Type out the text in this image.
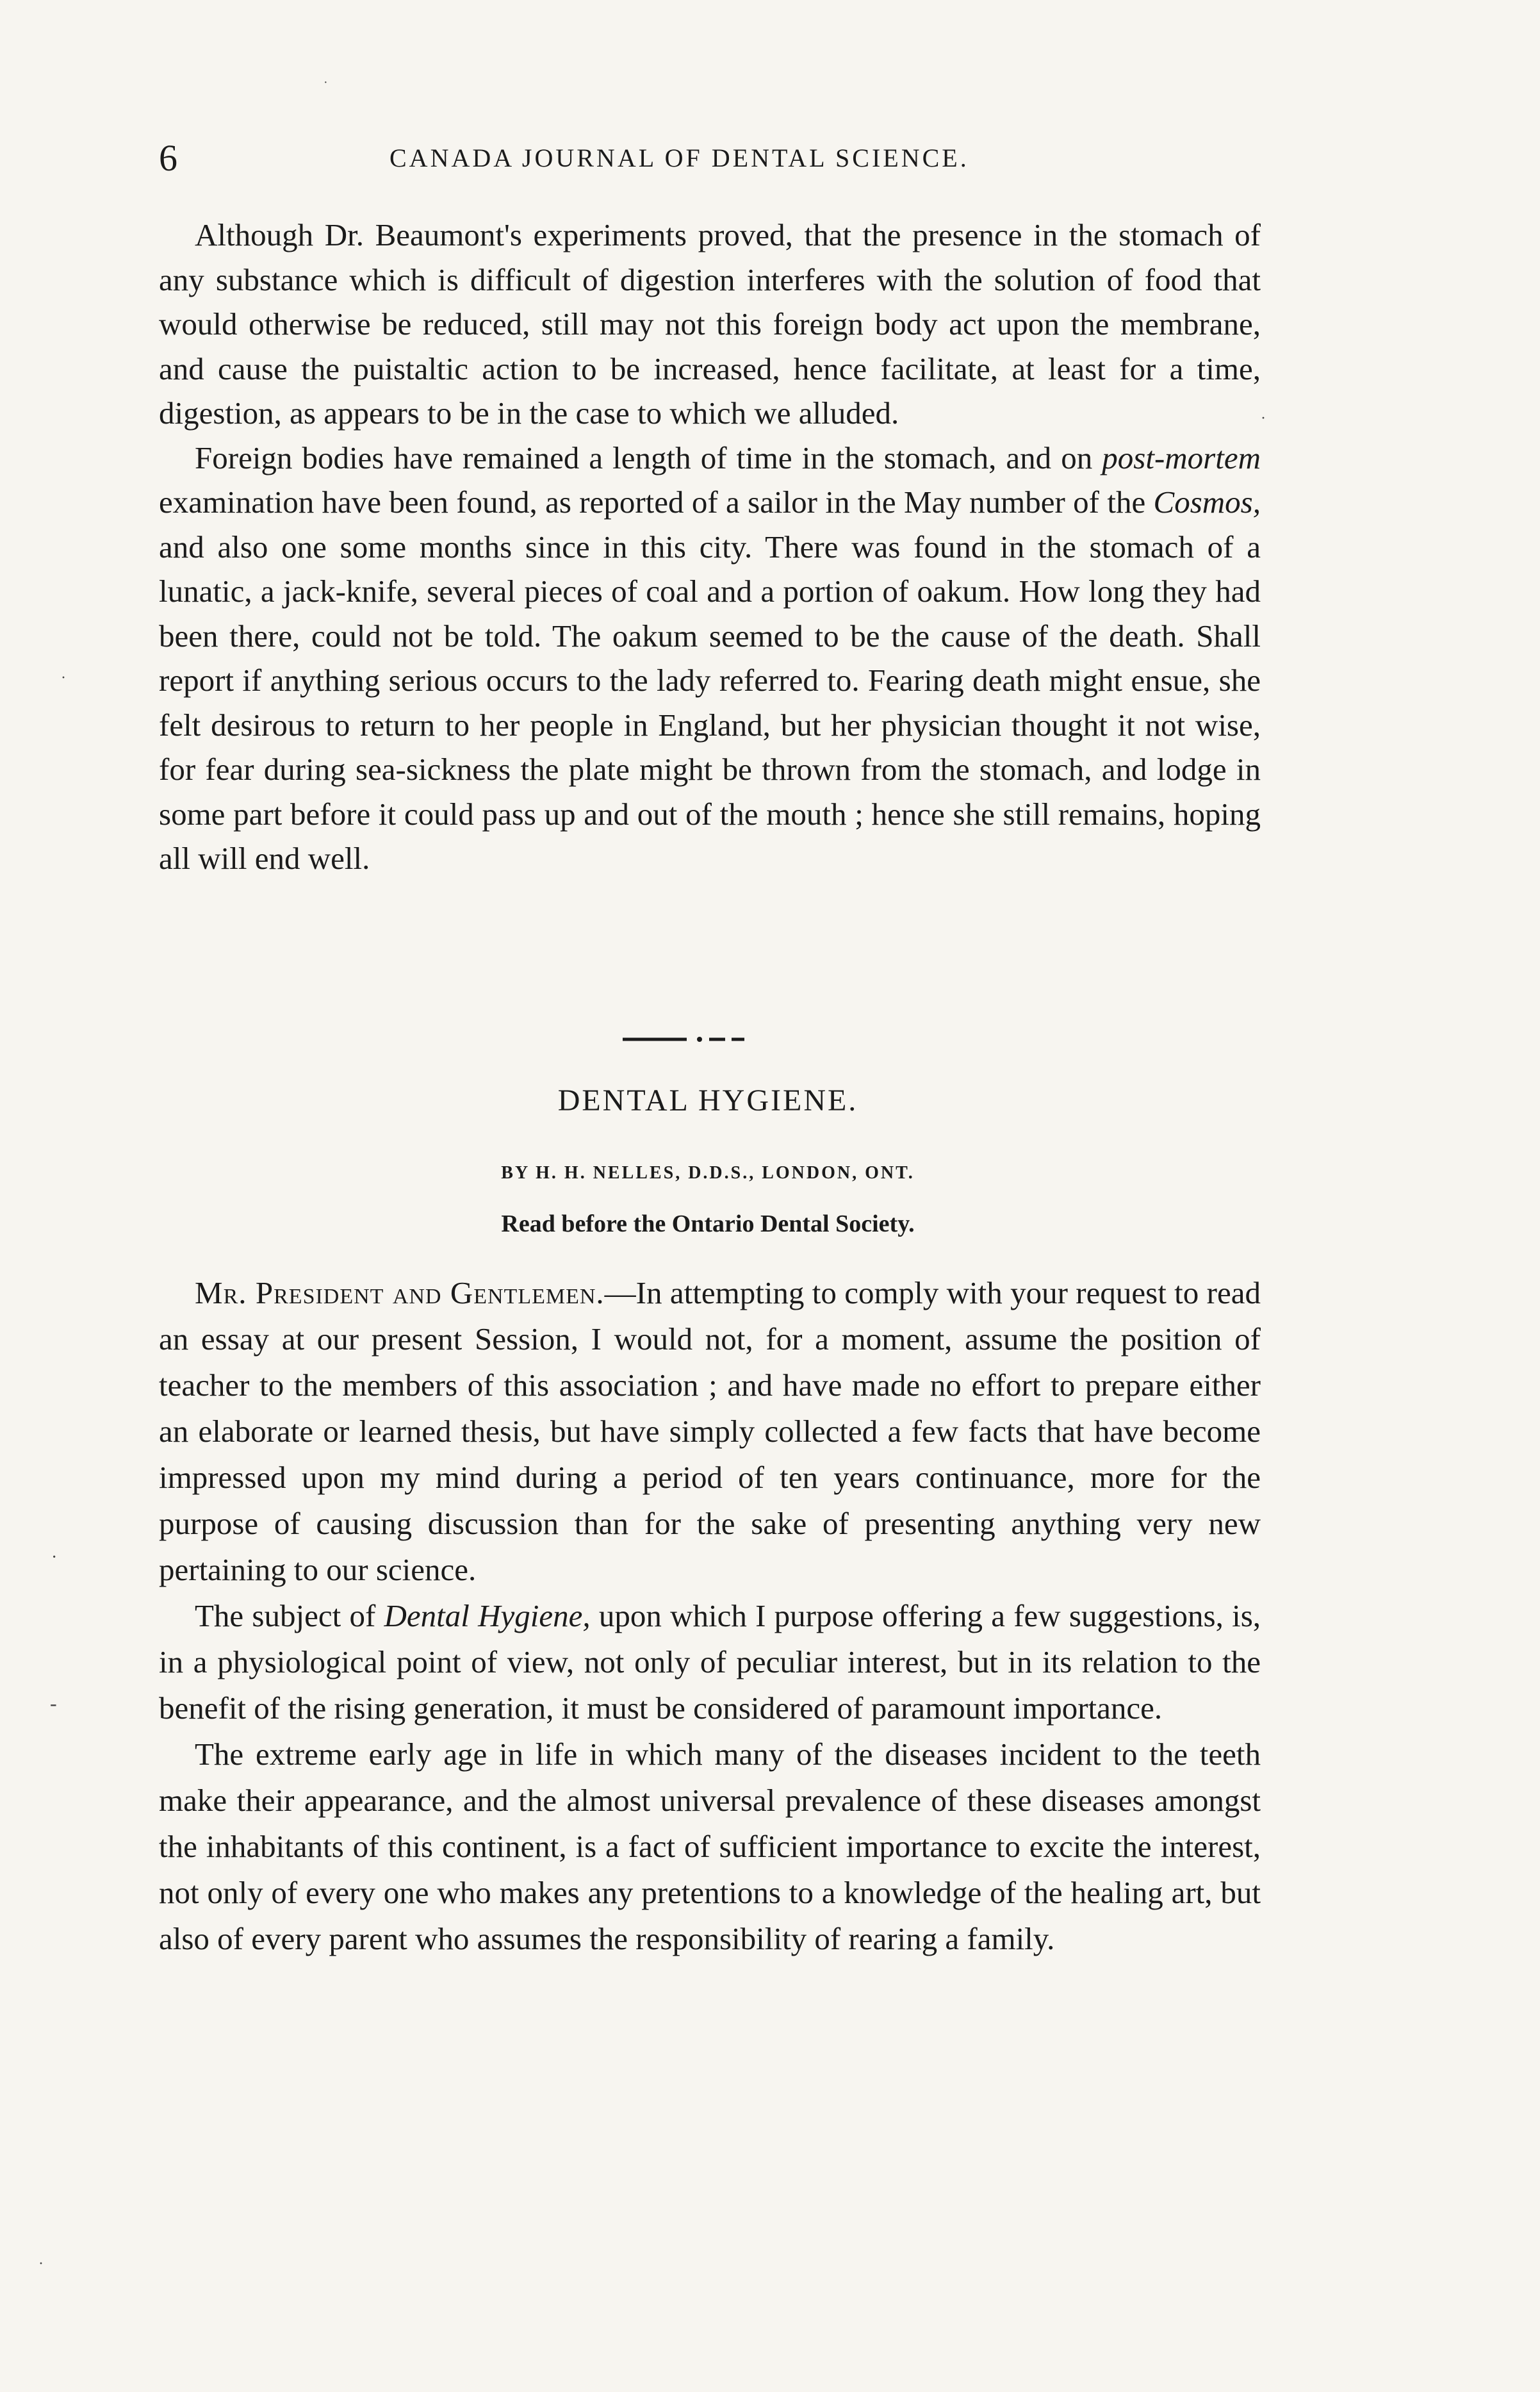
6	CANADA JOURNAL OF DENTAL SCIENCE.

Although Dr. Beaumont's experiments proved, that the presence in the stomach of any substance which is difficult of digestion interferes with the solution of food that would otherwise be reduced, still may not this foreign body act upon the membrane, and cause the puistaltic action to be increased, hence facilitate, at least for a time, digestion, as appears to be in the case to which we alluded.

Foreign bodies have remained a length of time in the stomach, and on post-mortem examination have been found, as reported of a sailor in the May number of the Cosmos, and also one some months since in this city. There was found in the stomach of a lunatic, a jack-knife, several pieces of coal and a portion of oakum. How long they had been there, could not be told. The oakum seemed to be the cause of the death. Shall report if anything serious occurs to the lady referred to. Fearing death might ensue, she felt desirous to return to her people in England, but her physician thought it not wise, for fear during sea-sickness the plate might be thrown from the stomach, and lodge in some part before it could pass up and out of the mouth ; hence she still remains, hoping all will end well.

DENTAL HYGIENE.
BY H. H. NELLES, D.D.S., LONDON, ONT.
Read before the Ontario Dental Society.

Mr. President and Gentlemen.—In attempting to comply with your request to read an essay at our present Session, I would not, for a moment, assume the position of teacher to the members of this association ; and have made no effort to prepare either an elaborate or learned thesis, but have simply collected a few facts that have become impressed upon my mind during a period of ten years continuance, more for the purpose of causing discussion than for the sake of presenting anything very new pertaining to our science.

The subject of Dental Hygiene, upon which I purpose offering a few suggestions, is, in a physiological point of view, not only of peculiar interest, but in its relation to the benefit of the rising generation, it must be considered of paramount importance.

The extreme early age in life in which many of the diseases incident to the teeth make their appearance, and the almost universal prevalence of these diseases amongst the inhabitants of this continent, is a fact of sufficient importance to excite the interest, not only of every one who makes any pretentions to a knowledge of the healing art, but also of every parent who assumes the responsibility of rearing a family.

·
·
·
-
·
·
